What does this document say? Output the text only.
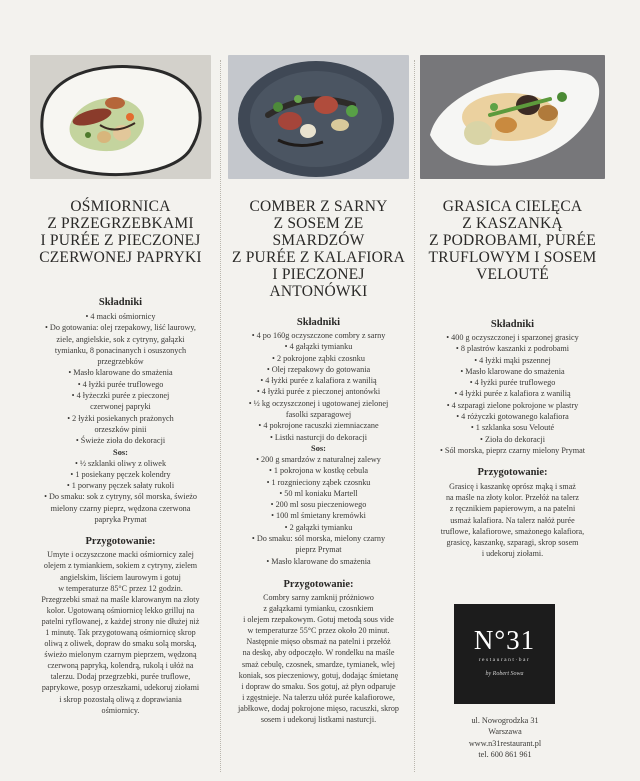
OŚMIORNICA
Z PRZEGRZEBKAMI
I PURÉE Z PIECZONEJ
CZERWONEJ PAPRYKI
Składniki
• 4 macki ośmiornicy
• Do gotowania: olej rzepakowy, liść laurowy,
ziele, angielskie, sok z cytryny, gałązki
tymianku, 8 ponacinanych i osuszonych
przegrzebków
• Masło klarowane do smażenia
• 4 łyżki purée truflowego
• 4 łyżeczki purée z pieczonej
czerwonej papryki
• 2 łyżki posiekanych prażonych
orzeszków pinii
• Świeże zioła do dekoracji
Sos:
• ½ szklanki oliwy z oliwek
• 1 posiekany pęczek kolendry
• 1 porwany pęczek sałaty rukoli
• Do smaku: sok z cytryny, sól morska, świeżo
mielony czarny pieprz, wędzona czerwona
papryka Prymat
Przygotowanie:
Umyte i oczyszczone macki ośmiornicy zalej
olejem z tymiankiem, sokiem z cytryny, zielem
angielskim, liściem laurowym i gotuj
w temperaturze 85°C przez 12 godzin.
Przegrzebki smaż na maśle klarowanym na złoty
kolor. Ugotowaną ośmiornicę lekko grilluj na
patelni ryflowanej, z każdej strony nie dłużej niż
1 minutę. Tak przygotowaną ośmiornicę skrop
oliwą z oliwek, dopraw do smaku solą morską,
świeżo mielonym czarnym pieprzem, wędzoną
czerwoną papryką, kolendrą, rukolą i ułóż na
talerzu. Dodaj przegrzebki, purée truflowe,
paprykowe, posyp orzeszkami, udekoruj ziołami
i skrop pozostałą oliwą z doprawiania
ośmiornicy.
COMBER Z SARNY
Z SOSEM ZE SMARDZÓW
Z PURÉE Z KALAFIORA
I PIECZONEJ
ANTONÓWKI
Składniki
• 4 po 160g oczyszczone combry z sarny
• 4 gałązki tymianku
• 2 pokrojone ząbki czosnku
• Olej rzepakowy do gotowania
• 4 łyżki purée z kalafiora z wanilią
• 4 łyżki purée z pieczonej antonówki
• ½ kg oczyszczonej i ugotowanej zielonej
fasolki szparagowej
• 4 pokrojone racuszki ziemniaczane
• Listki nasturcji do dekoracji
Sos:
• 200 g smardzów z naturalnej zalewy
• 1 pokrojona w kostkę cebula
• 1 rozgnieciony ząbek czosnku
• 50 ml koniaku Martell
• 200 ml sosu pieczeniowego
• 100 ml śmietany kremówki
• 2 gałązki tymianku
• Do smaku: sól morska, mielony czarny
pieprz Prymat
• Masło klarowane do smażenia
Przygotowanie:
Combry sarny zamknij próżniowo
z gałązkami tymianku, czosnkiem
i olejem rzepakowym. Gotuj metodą sous vide
w temperaturze 55°C przez około 20 minut.
Następnie mięso obsmaż na patelni i przełóż
na deskę, aby odpoczęło. W rondelku na maśle
smaż cebulę, czosnek, smardze, tymianek, wlej
koniak, sos pieczeniowy, gotuj, dodając śmietanę
i dopraw do smaku. Sos gotuj, aż płyn odparuje
i zgęstnieje. Na talerzu ułóż purée kalafiorowe,
jabłkowe, dodaj pokrojone mięso, racuszki, skrop
sosem i udekoruj listkami nasturcji.
GRASICA CIELĘCA
Z KASZANKĄ
Z PODROBAMI, PURÉE
TRUFLOWYM I SOSEM
VELOUTÉ
Składniki
• 400 g oczyszczonej i sparzonej grasicy
• 8 plastrów kaszanki z podrobami
• 4 łyżki mąki pszennej
• Masło klarowane do smażenia
• 4 łyżki purée truflowego
• 4 łyżki purée z kalafiora z wanilią
• 4 szparagi zielone pokrojone w plastry
• 4 różyczki gotowanego kalafiora
• 1 szklanka sosu Velouté
• Zioła do dekoracji
• Sól morska, pieprz czarny mielony Prymat
Przygotowanie:
Grasicę i kaszankę oprósz mąką i smaż
na maśle na złoty kolor. Przełóż na talerz
z ręcznikiem papierowym, a na patelni
usmaż kalafiora. Na talerz nałóż purée
truflowe, kalafiorowe, smażonego kalafiora,
grasicę, kaszankę, szparagi, skrop sosem
i udekoruj ziołami.
N°31
restaurant·bar
by Robert Sowa
ul. Nowogrodzka 31
Warszawa
www.n31restaurant.pl
tel. 600 861 961
